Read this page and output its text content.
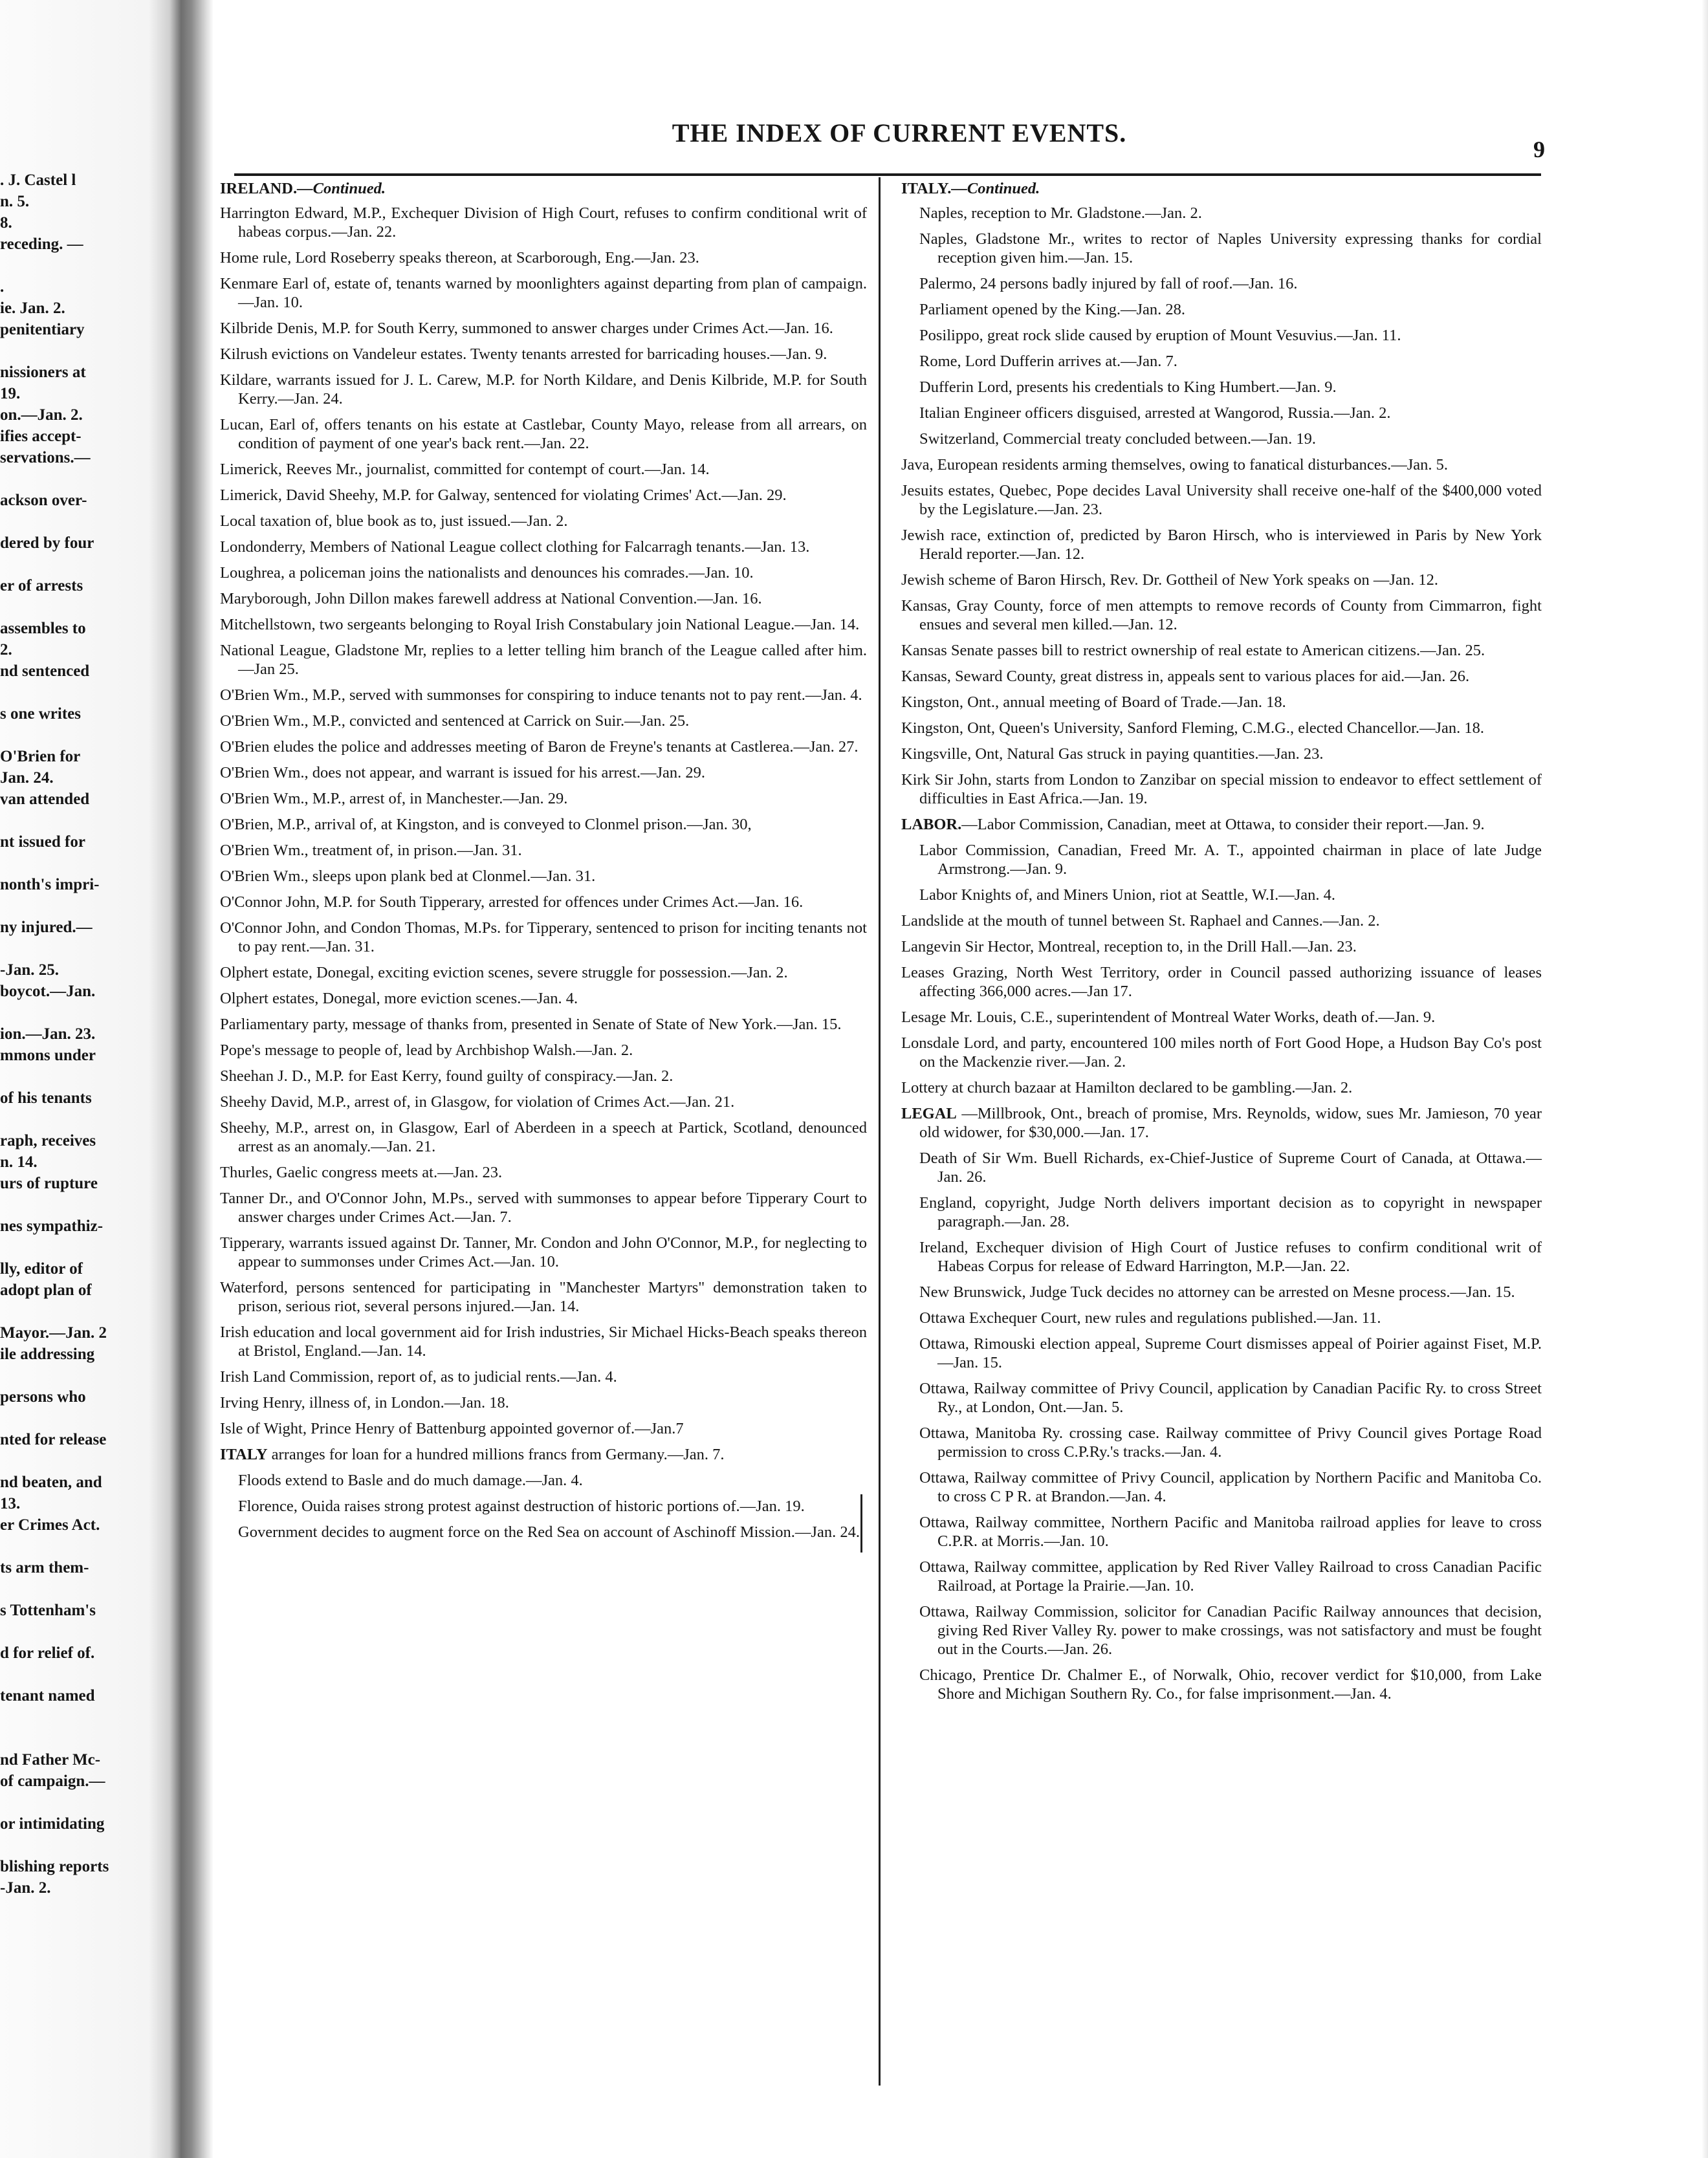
. J. Castel l
n. 5.
8.
receding. —
.
ie. Jan. 2.
penitentiary
nissioners at
19.
on.—Jan. 2.
ifies accept-
servations.—
ackson over-
dered by four
er of arrests
assembles to
2.
nd sentenced
s one writes
O'Brien for
Jan. 24.
van attended
nt issued for
nonth's impri-
ny injured.—
-Jan. 25.
boycot.—Jan.
ion.—Jan. 23.
mmons under
of his tenants
raph, receives
n. 14.
urs of rupture
nes sympathiz-
lly, editor of
adopt plan of
Mayor.—Jan. 2
ile addressing
persons who
nted for release
nd beaten, and
13.
er Crimes Act.
ts arm them-
s Tottenham's
d for relief of.
tenant named
nd Father Mc-
of campaign.—
or intimidating
blishing reports
-Jan. 2.
THE INDEX OF CURRENT EVENTS.
9
IRELAND.—Continued.
Harrington Edward, M.P., Exchequer Division of High Court, refuses to confirm conditional writ of habeas corpus.—Jan. 22.
Home rule, Lord Roseberry speaks thereon, at Scarborough, Eng.—Jan. 23.
Kenmare Earl of, estate of, tenants warned by moonlighters against departing from plan of campaign.—Jan. 10.
Kilbride Denis, M.P. for South Kerry, summoned to answer charges under Crimes Act.—Jan. 16.
Kilrush evictions on Vandeleur estates. Twenty tenants arrested for barricading houses.—Jan. 9.
Kildare, warrants issued for J. L. Carew, M.P. for North Kildare, and Denis Kilbride, M.P. for South Kerry.—Jan. 24.
Lucan, Earl of, offers tenants on his estate at Castlebar, County Mayo, release from all arrears, on condition of payment of one year's back rent.—Jan. 22.
Limerick, Reeves Mr., journalist, committed for contempt of court.—Jan. 14.
Limerick, David Sheehy, M.P. for Galway, sentenced for violating Crimes' Act.—Jan. 29.
Local taxation of, blue book as to, just issued.—Jan. 2.
Londonderry, Members of National League collect clothing for Falcarragh tenants.—Jan. 13.
Loughrea, a policeman joins the nationalists and denounces his comrades.—Jan. 10.
Maryborough, John Dillon makes farewell address at National Convention.—Jan. 16.
Mitchellstown, two sergeants belonging to Royal Irish Constabulary join National League.—Jan. 14.
National League, Gladstone Mr, replies to a letter telling him branch of the League called after him.—Jan 25.
O'Brien Wm., M.P., served with summonses for conspiring to induce tenants not to pay rent.—Jan. 4.
O'Brien Wm., M.P., convicted and sentenced at Carrick on Suir.—Jan. 25.
O'Brien eludes the police and addresses meeting of Baron de Freyne's tenants at Castlerea.—Jan. 27.
O'Brien Wm., does not appear, and warrant is issued for his arrest.—Jan. 29.
O'Brien Wm., M.P., arrest of, in Manchester.—Jan. 29.
O'Brien, M.P., arrival of, at Kingston, and is conveyed to Clonmel prison.—Jan. 30,
O'Brien Wm., treatment of, in prison.—Jan. 31.
O'Brien Wm., sleeps upon plank bed at Clonmel.—Jan. 31.
O'Connor John, M.P. for South Tipperary, arrested for offences under Crimes Act.—Jan. 16.
O'Connor John, and Condon Thomas, M.Ps. for Tipperary, sentenced to prison for inciting tenants not to pay rent.—Jan. 31.
Olphert estate, Donegal, exciting eviction scenes, severe struggle for possession.—Jan. 2.
Olphert estates, Donegal, more eviction scenes.—Jan. 4.
Parliamentary party, message of thanks from, presented in Senate of State of New York.—Jan. 15.
Pope's message to people of, lead by Archbishop Walsh.—Jan. 2.
Sheehan J. D., M.P. for East Kerry, found guilty of conspiracy.—Jan. 2.
Sheehy David, M.P., arrest of, in Glasgow, for violation of Crimes Act.—Jan. 21.
Sheehy, M.P., arrest on, in Glasgow, Earl of Aberdeen in a speech at Partick, Scotland, denounced arrest as an anomaly.—Jan. 21.
Thurles, Gaelic congress meets at.—Jan. 23.
Tanner Dr., and O'Connor John, M.Ps., served with summonses to appear before Tipperary Court to answer charges under Crimes Act.—Jan. 7.
Tipperary, warrants issued against Dr. Tanner, Mr. Condon and John O'Connor, M.P., for neglecting to appear to summonses under Crimes Act.—Jan. 10.
Waterford, persons sentenced for participating in "Manchester Martyrs" demonstration taken to prison, serious riot, several persons injured.—Jan. 14.
Irish education and local government aid for Irish industries, Sir Michael Hicks-Beach speaks thereon at Bristol, England.—Jan. 14.
Irish Land Commission, report of, as to judicial rents.—Jan. 4.
Irving Henry, illness of, in London.—Jan. 18.
Isle of Wight, Prince Henry of Battenburg appointed governor of.—Jan.7
ITALY arranges for loan for a hundred millions francs from Germany.—Jan. 7.
Floods extend to Basle and do much damage.—Jan. 4.
Florence, Ouida raises strong protest against destruction of historic portions of.—Jan. 19.
Government decides to augment force on the Red Sea on account of Aschinoff Mission.—Jan. 24.
ITALY.—Continued.
Naples, reception to Mr. Gladstone.—Jan. 2.
Naples, Gladstone Mr., writes to rector of Naples University expressing thanks for cordial reception given him.—Jan. 15.
Palermo, 24 persons badly injured by fall of roof.—Jan. 16.
Parliament opened by the King.—Jan. 28.
Posilippo, great rock slide caused by eruption of Mount Vesuvius.—Jan. 11.
Rome, Lord Dufferin arrives at.—Jan. 7.
Dufferin Lord, presents his credentials to King Humbert.—Jan. 9.
Italian Engineer officers disguised, arrested at Wangorod, Russia.—Jan. 2.
Switzerland, Commercial treaty concluded between.—Jan. 19.
Java, European residents arming themselves, owing to fanatical disturbances.—Jan. 5.
Jesuits estates, Quebec, Pope decides Laval University shall receive one-half of the $400,000 voted by the Legislature.—Jan. 23.
Jewish race, extinction of, predicted by Baron Hirsch, who is interviewed in Paris by New York Herald reporter.—Jan. 12.
Jewish scheme of Baron Hirsch, Rev. Dr. Gottheil of New York speaks on —Jan. 12.
Kansas, Gray County, force of men attempts to remove records of County from Cimmarron, fight ensues and several men killed.—Jan. 12.
Kansas Senate passes bill to restrict ownership of real estate to American citizens.—Jan. 25.
Kansas, Seward County, great distress in, appeals sent to various places for aid.—Jan. 26.
Kingston, Ont., annual meeting of Board of Trade.—Jan. 18.
Kingston, Ont, Queen's University, Sanford Fleming, C.M.G., elected Chancellor.—Jan. 18.
Kingsville, Ont, Natural Gas struck in paying quantities.—Jan. 23.
Kirk Sir John, starts from London to Zanzibar on special mission to endeavor to effect settlement of difficulties in East Africa.—Jan. 19.
LABOR.—Labor Commission, Canadian, meet at Ottawa, to consider their report.—Jan. 9.
Labor Commission, Canadian, Freed Mr. A. T., appointed chairman in place of late Judge Armstrong.—Jan. 9.
Labor Knights of, and Miners Union, riot at Seattle, W.I.—Jan. 4.
Landslide at the mouth of tunnel between St. Raphael and Cannes.—Jan. 2.
Langevin Sir Hector, Montreal, reception to, in the Drill Hall.—Jan. 23.
Leases Grazing, North West Territory, order in Council passed authorizing issuance of leases affecting 366,000 acres.—Jan 17.
Lesage Mr. Louis, C.E., superintendent of Montreal Water Works, death of.—Jan. 9.
Lonsdale Lord, and party, encountered 100 miles north of Fort Good Hope, a Hudson Bay Co's post on the Mackenzie river.—Jan. 2.
Lottery at church bazaar at Hamilton declared to be gambling.—Jan. 2.
LEGAL —Millbrook, Ont., breach of promise, Mrs. Reynolds, widow, sues Mr. Jamieson, 70 year old widower, for $30,000.—Jan. 17.
Death of Sir Wm. Buell Richards, ex-Chief-Justice of Supreme Court of Canada, at Ottawa.—Jan. 26.
England, copyright, Judge North delivers important decision as to copyright in newspaper paragraph.—Jan. 28.
Ireland, Exchequer division of High Court of Justice refuses to confirm conditional writ of Habeas Corpus for release of Edward Harrington, M.P.—Jan. 22.
New Brunswick, Judge Tuck decides no attorney can be arrested on Mesne process.—Jan. 15.
Ottawa Exchequer Court, new rules and regulations published.—Jan. 11.
Ottawa, Rimouski election appeal, Supreme Court dismisses appeal of Poirier against Fiset, M.P.—Jan. 15.
Ottawa, Railway committee of Privy Council, application by Canadian Pacific Ry. to cross Street Ry., at London, Ont.—Jan. 5.
Ottawa, Manitoba Ry. crossing case. Railway committee of Privy Council gives Portage Road permission to cross C.P.Ry.'s tracks.—Jan. 4.
Ottawa, Railway committee of Privy Council, application by Northern Pacific and Manitoba Co. to cross C P R. at Brandon.—Jan. 4.
Ottawa, Railway committee, Northern Pacific and Manitoba railroad applies for leave to cross C.P.R. at Morris.—Jan. 10.
Ottawa, Railway committee, application by Red River Valley Railroad to cross Canadian Pacific Railroad, at Portage la Prairie.—Jan. 10.
Ottawa, Railway Commission, solicitor for Canadian Pacific Railway announces that decision, giving Red River Valley Ry. power to make crossings, was not satisfactory and must be fought out in the Courts.—Jan. 26.
Chicago, Prentice Dr. Chalmer E., of Norwalk, Ohio, recover verdict for $10,000, from Lake Shore and Michigan Southern Ry. Co., for false imprisonment.—Jan. 4.
